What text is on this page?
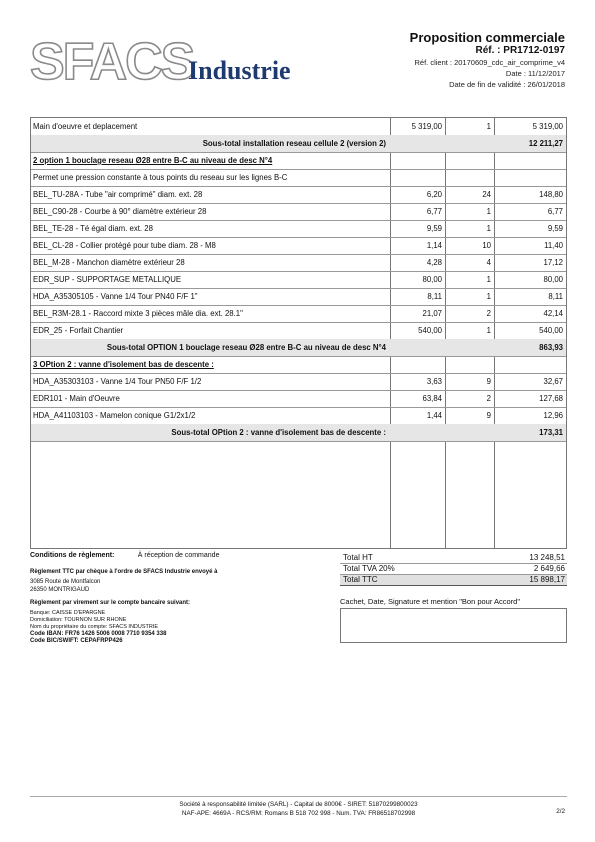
SFACS
Industrie
Proposition commerciale
Réf. : PR1712-0197
Réf. client : 20170609_cdc_air_comprime_v4
Date : 11/12/2017
Date de fin de validité : 26/01/2018
Main d'oeuvre et deplacement	5 319,00	1	5 319,00
Sous-total installation reseau cellule 2 (version 2)	12 211,27
2 option 1 bouclage reseau Ø28 entre B-C au niveau de desc N°4
Permet une pression constante à tous points du reseau sur les lignes B-C
BEL_TU-28A - Tube "air comprimé" diam. ext. 28	6,20	24	148,80
BEL_C90-28 - Courbe à 90° diamètre extérieur 28	6,77	1	6,77
BEL_TE-28 - Té égal diam. ext. 28	9,59	1	9,59
BEL_CL-28 - Collier protégé pour tube diam. 28 - M8	1,14	10	11,40
BEL_M-28 - Manchon diamètre extérieur 28	4,28	4	17,12
EDR_SUP - SUPPORTAGE METALLIQUE	80,00	1	80,00
HDA_A35305105 - Vanne 1/4 Tour PN40 F/F 1"	8,11	1	8,11
BEL_R3M-28.1 - Raccord mixte 3 pièces mâle dia. ext. 28.1"	21,07	2	42,14
EDR_25 - Forfait Chantier	540,00	1	540,00
Sous-total OPTION 1 bouclage reseau Ø28 entre B-C au niveau de desc N°4	863,93
3 OPtion 2 : vanne d'isolement bas de descente :
HDA_A35303103 - Vanne 1/4 Tour PN50 F/F 1/2	3,63	9	32,67
EDR101 - Main d'Oeuvre	63,84	2	127,68
HDA_A41103103 - Mamelon conique G1/2x1/2	1,44	9	12,96
Sous-total OPtion 2 : vanne d'isolement bas de descente :	173,31
Conditions de règlement:	À réception de commande
Règlement TTC par chèque à l'ordre de SFACS Industrie envoyé à
3085 Route de Montfalcon
26350 MONTRIGAUD
Règlement par virement sur le compte bancaire suivant:
Banque: CAISSE D'EPARGNE
Domiciliation: TOURNON SUR RHONE
Nom du propriétaire du compte: SFACS INDUSTRIE
Code IBAN: FR76 1426 5006 0008 7710 9354 338
Code BIC/SWIFT: CEPAFRPP426
Total HT	13 248,51
Total TVA 20%	2 649,66
Total TTC	15 898,17
Cachet, Date, Signature et mention "Bon pour Accord"
Société à responsabilité limitée (SARL) - Capital de 8000€ - SIRET: 51870299800023
NAF-APE: 4669A - RCS/RM: Romans B 518 702 998 - Num. TVA: FR86518702998	2/2
